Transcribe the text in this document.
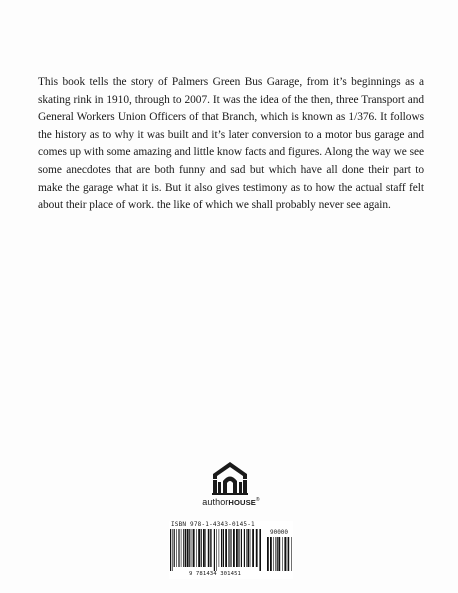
This book tells the story of Palmers Green Bus Garage, from it’s beginnings as a skating rink in 1910, through to 2007. It was the idea of the then, three Transport and General Workers Union Officers of that Branch, which is known as 1/376. It follows the history as to why it was built and it’s later conversion to a motor bus garage and comes up with some amazing and little know facts and figures. Along the way we see some anecdotes that are both funny and sad but which have all done their part to make the garage what it is. But it also gives testimony as to how the actual staff felt about their place of work. the like of which we shall probably never see again.

authorHOUSE®
ISBN 978-1-4343-0145-1
90000
9 781434 301451
